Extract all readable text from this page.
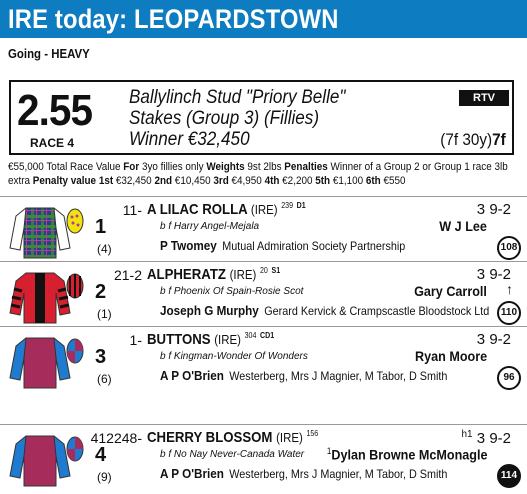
IRE today: LEOPARDSTOWN
Going - HEAVY
2.55
RACE 4
Ballylinch Stud "Priory Belle"
Stakes (Group 3) (Fillies)
Winner €32,450
RTV
(7f 30y)7f
€55,000 Total Race Value For 3yo fillies only Weights 9st 2lbs Penalties Winner of a Group 2 or Group 1 race 3lb extra Penalty value 1st €32,450 2nd €10,450 3rd €4,950 4th €2,200 5th €1,100 6th €550
1
(4)
11- A LILAC ROLLA (IRE) $^{239}$ $^{D1}$	3 9-2
b f Harry Angel-Mejala	W J Lee
P Twomey Mutual Admiration Society Partnership	108
2
(1)
21-2 ALPHERATZ (IRE) $^{20}$ $^{S1}$	3 9-2
b f Phoenix Of Spain-Rosie Scot	Gary Carroll
Joseph G Murphy Gerard Kervick & Crampscastle Bloodstock Ltd
↑
110
3
(6)
1- BUTTONS (IRE) $^{304}$ $^{CD1}$	3 9-2
b f Kingman-Wonder Of Wonders	Ryan Moore
A P O'Brien Westerberg, Mrs J Magnier, M Tabor, D Smith	96
4
(9)
412248- CHERRY BLOSSOM (IRE) $^{156}$	$^{h1}$ 3 9-2
b f No Nay Never-Canada Water $^1$Dylan Browne McMonagle
A P O'Brien Westerberg, Mrs J Magnier, M Tabor, D Smith	114
